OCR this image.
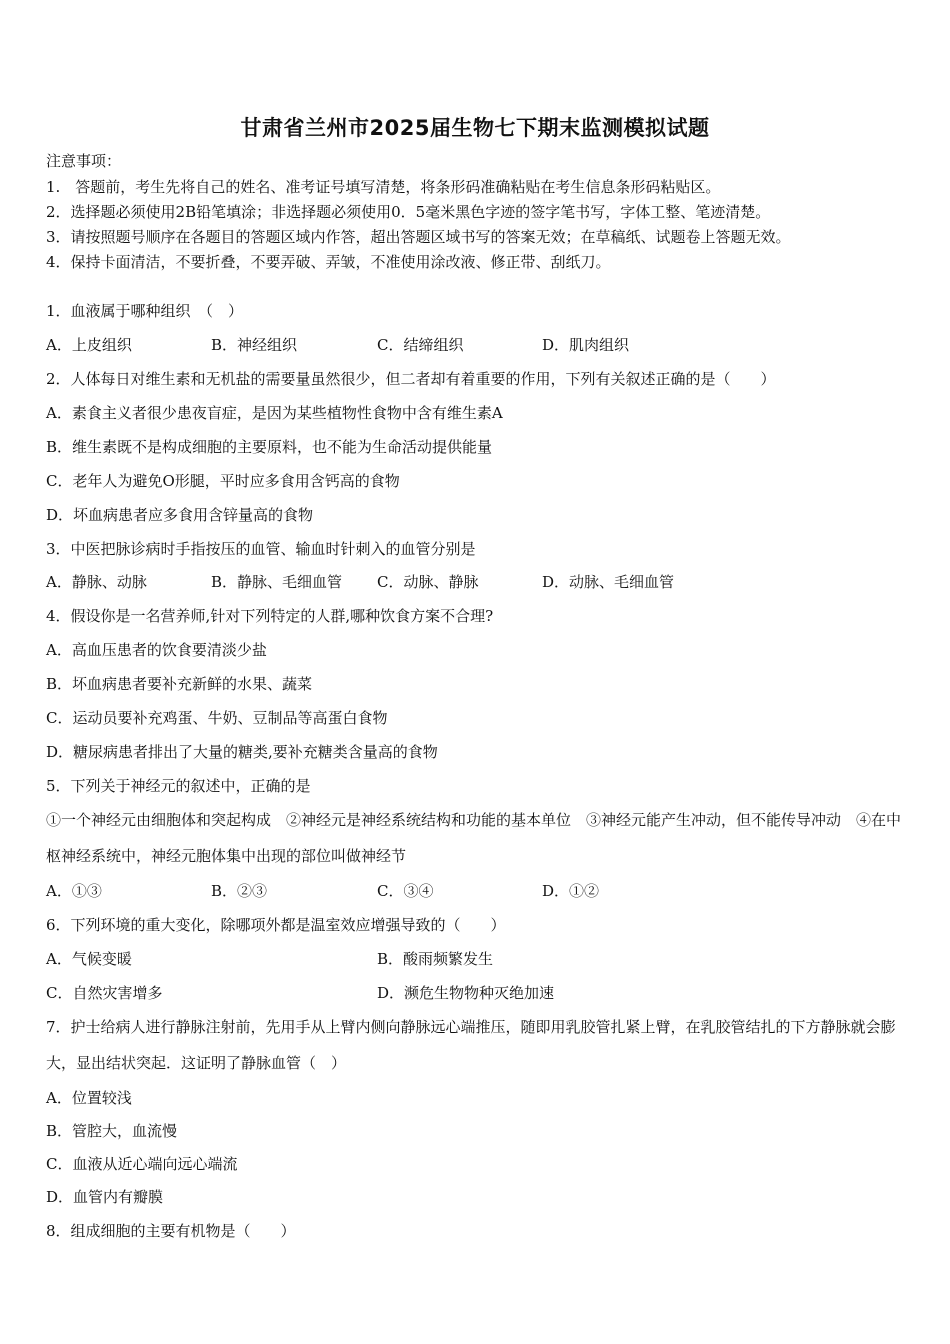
甘肃省兰州市2025届生物七下期末监测模拟试题
注意事项：
1.　答题前，考生先将自己的姓名、准考证号填写清楚，将条形码准确粘贴在考生信息条形码粘贴区。
2．选择题必须使用2B铅笔填涂；非选择题必须使用0．5毫米黑色字迹的签字笔书写，字体工整、笔迹清楚。
3．请按照题号顺序在各题目的答题区域内作答，超出答题区域书写的答案无效；在草稿纸、试题卷上答题无效。
4．保持卡面清洁，不要折叠，不要弄破、弄皱，不准使用涂改液、修正带、刮纸刀。
1．血液属于哪种组织　（　）
A．上皮组织	B．神经组织	C．结缔组织	D．肌肉组织
2．人体每日对维生素和无机盐的需要量虽然很少，但二者却有着重要的作用，下列有关叙述正确的是（　　）
A．素食主义者很少患夜盲症，是因为某些植物性食物中含有维生素A
B．维生素既不是构成细胞的主要原料，也不能为生命活动提供能量
C．老年人为避免O形腿，平时应多食用含钙高的食物
D．坏血病患者应多食用含锌量高的食物
3．中医把脉诊病时手指按压的血管、输血时针刺入的血管分别是
A．静脉、动脉	B．静脉、毛细血管 C．动脉、静脉	D．动脉、毛细血管
4．假设你是一名营养师,针对下列特定的人群,哪种饮食方案不合理?
A．高血压患者的饮食要清淡少盐
B．坏血病患者要补充新鲜的水果、蔬菜
C．运动员要补充鸡蛋、牛奶、豆制品等高蛋白食物
D．糖尿病患者排出了大量的糖类,要补充糖类含量高的食物
5．下列关于神经元的叙述中，正确的是
①一个神经元由细胞体和突起构成　②神经元是神经系统结构和功能的基本单位　③神经元能产生冲动，但不能传导冲动　④在中枢神经系统中，神经元胞体集中出现的部位叫做神经节
A．①③	B．②③	C．③④	D．①②
6．下列环境的重大变化，除哪项外都是温室效应增强导致的（　　）
A．气候变暖	B．酸雨频繁发生
C．自然灾害增多	D．濒危生物物种灭绝加速
7．护士给病人进行静脉注射前，先用手从上臂内侧向静脉远心端推压，随即用乳胶管扎紧上臂，在乳胶管结扎的下方静脉就会膨大，显出结状突起．这证明了静脉血管（　）
A．位置较浅
B．管腔大，血流慢
C．血液从近心端向远心端流
D．血管内有瓣膜
8．组成细胞的主要有机物是（　　）
